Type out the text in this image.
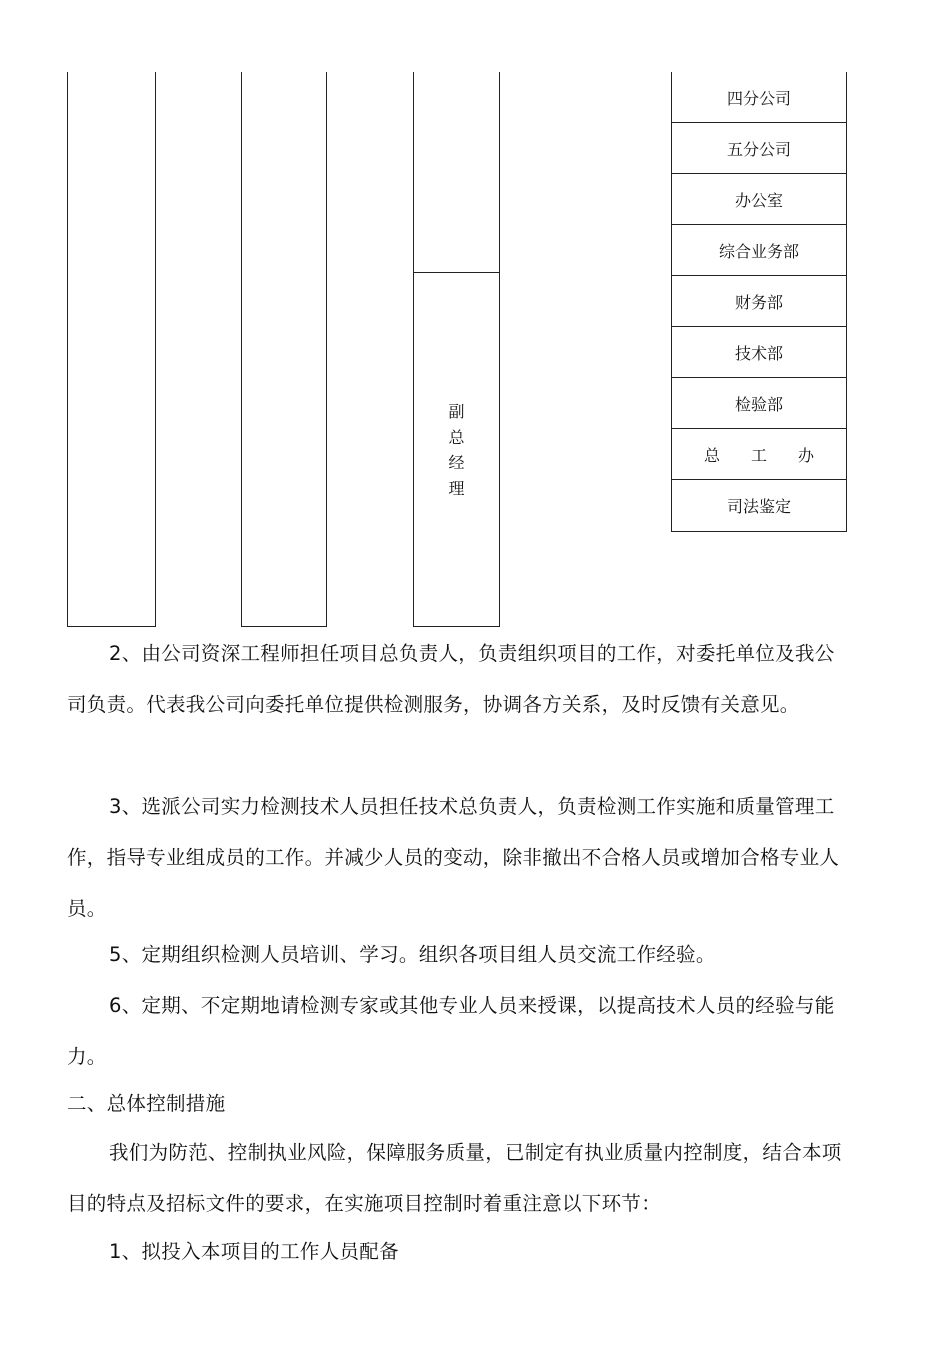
副
总
经
理
四分公司
五分公司
办公室
综合业务部
财务部
技术部
检验部
总 工 办
司法鉴定

2、由公司资深工程师担任项目总负责人，负责组织项目的工作，对委托单位及我公司负责。代表我公司向委托单位提供检测服务，协调各方关系，及时反馈有关意见。

3、选派公司实力检测技术人员担任技术总负责人，负责检测工作实施和质量管理工作，指导专业组成员的工作。并减少人员的变动，除非撤出不合格人员或增加合格专业人员。

5、定期组织检测人员培训、学习。组织各项目组人员交流工作经验。

6、定期、不定期地请检测专家或其他专业人员来授课，以提高技术人员的经验与能力。

二、总体控制措施

我们为防范、控制执业风险，保障服务质量，已制定有执业质量内控制度，结合本项目的特点及招标文件的要求，在实施项目控制时着重注意以下环节：

1、拟投入本项目的工作人员配备
